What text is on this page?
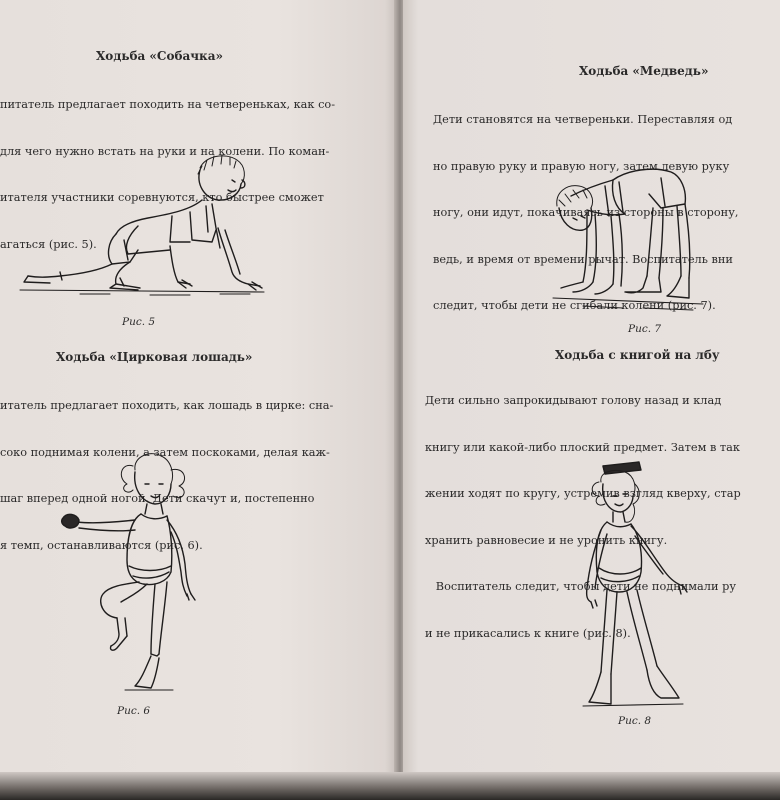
Ходьба «Собачка»

питатель предлагает походить на четвереньках, как со-

для чего нужно встать на руки и на колени. По коман-

итателя участники соревнуются, кто быстрее сможет

агаться (рис. 5).

Рис. 5
Ходьба «Цирковая лошадь»

итатель предлагает походить, как лошадь в цирке: сна-

соко поднимая колени, а затем поскоками, делая каж-

шаг вперед одной ногой. Дети скачут и, постепенно

я темп, останавливаются (рис. 6).

Рис. 6
Ходьба «Медведь»

Дети становятся на четвереньки. Переставляя од

но правую руку и правую ногу, затем левую руку

ногу, они идут, покачиваясь из стороны в сторону,

ведь, и время от времени рычат. Воспитатель вни

следит, чтобы дети не сгибали колени (рис. 7).

Рис. 7
Ходьба с книгой на лбу

Дети сильно запрокидывают голову назад и клад

книгу или какой-либо плоский предмет. Затем в так

жении ходят по кругу, устремив взгляд кверху, стар

хранить равновесие и не уронить книгу.

Воспитатель следит, чтобы дети не поднимали ру

и не прикасались к книге (рис. 8).

Рис. 8
